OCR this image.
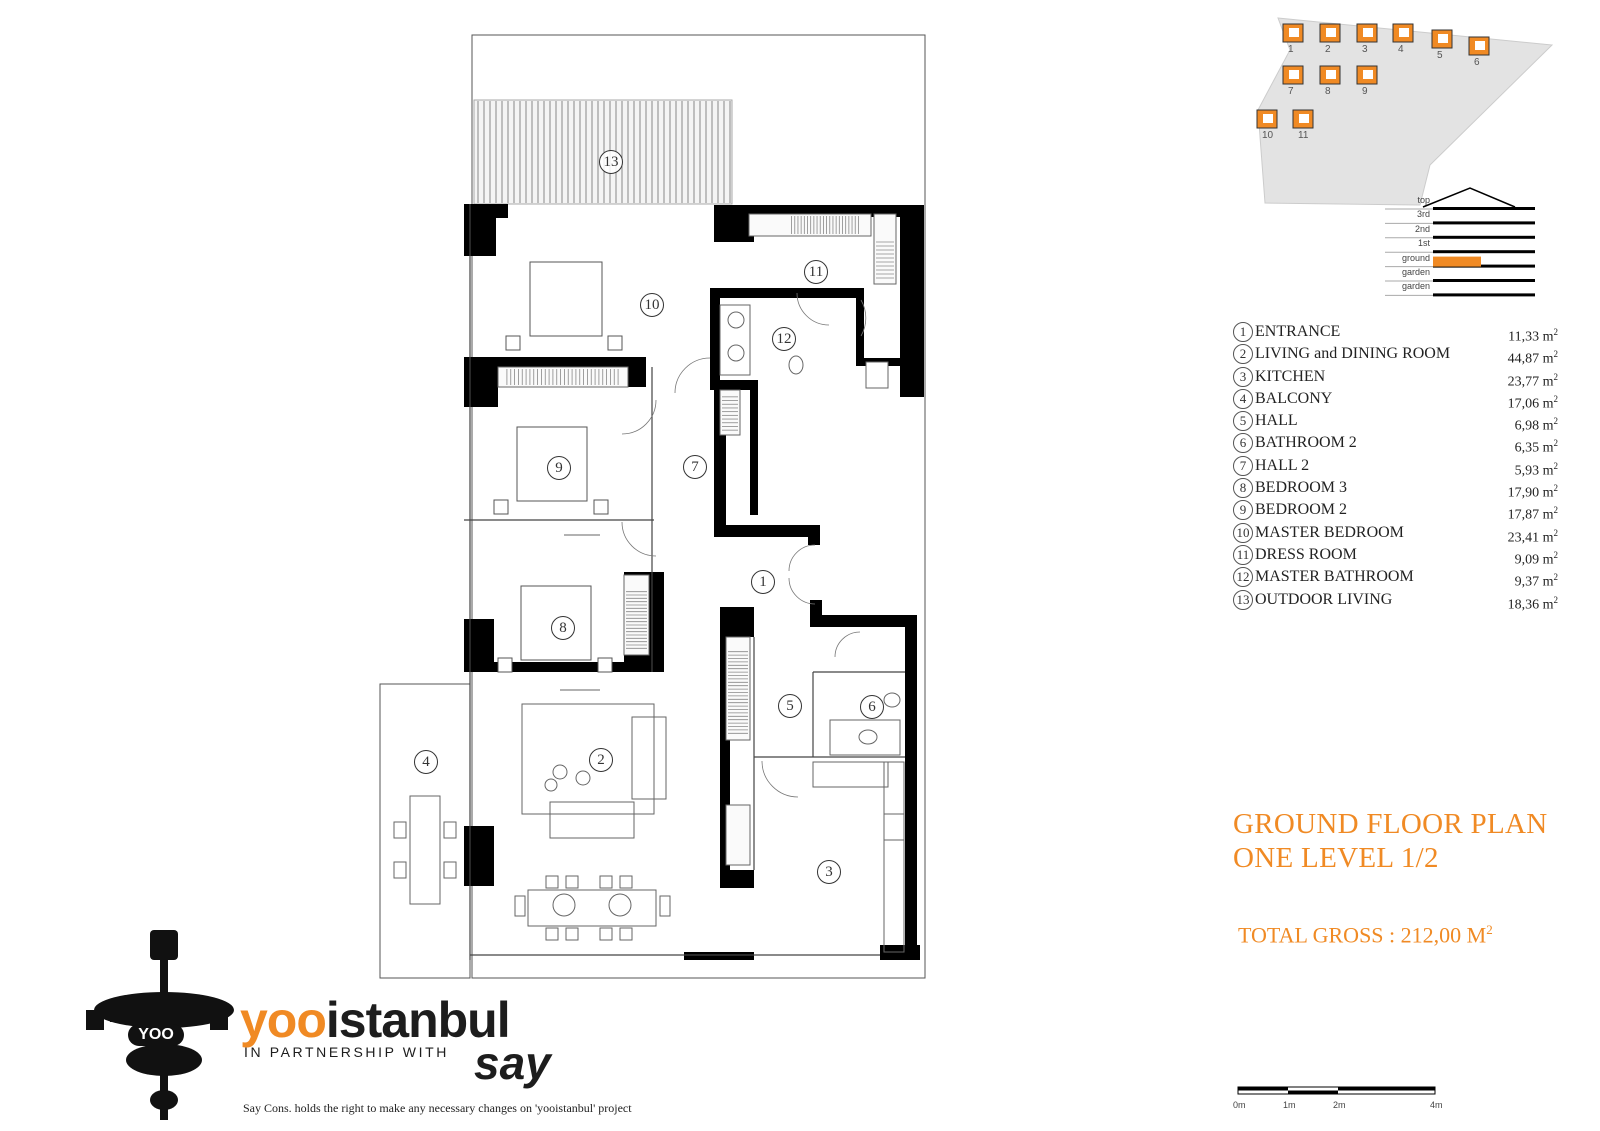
13
10
11
12
9	7
1
8
6
5
4	2
3
1	2	3	4
5
6
7	8	9
10 11
top
3rd
2nd
1st
ground
garden
garden
1 ENTRANCE	11,33 $m^2$
2 LIVING and DINING ROOM	44,87 $m^2$
3 KITCHEN	23,77 $m^2$
4 BALCONY	17,06 $m^2$
5 HALL	6,98 $m^2$
6 BATHROOM 2	6,35 $m^2$
7 HALL 2	5,93 $m^2$
8 BEDROOM 3	17,90 $m^2$
9 BEDROOM 2	17,87 $m^2$
10 MASTER BEDROOM	23,41 $m^2$
11 DRESS ROOM	9,09 $m^2$
12 MASTER BATHROOM	9,37 $m^2$
13 OUTDOOR LIVING	18,36 $m^2$
GROUND FLOOR PLAN
ONE LEVEL 1/2
TOTAL GROSS : 212,00 $M^2$
0m	1m	2m	4m
YOO yooistanbul
IN PARTNERSHIP WITH say
Say Cons. holds the right to make any necessary changes on 'yooistanbul' project
